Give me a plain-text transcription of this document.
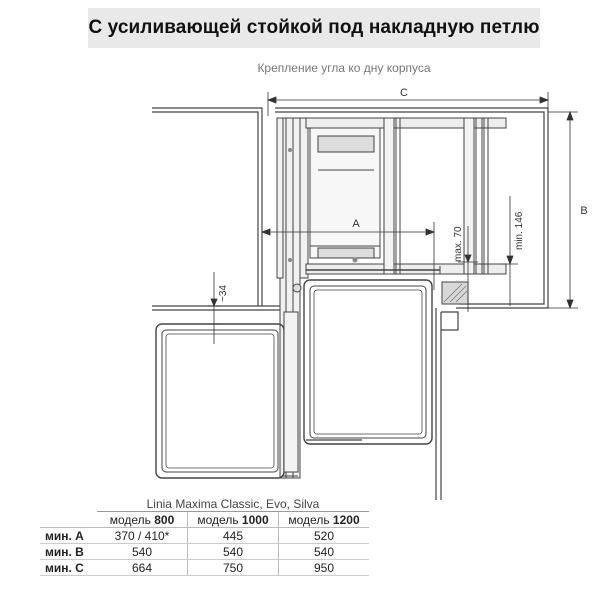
С усиливающей стойкой под накладную петлю
Крепление угла ко дну корпуса
C
B
A
max. 70	min. 146
~34
	Linia Maxima Classic, Evo, Silva		
	модель 800	модель 1000	модель 1200
мин. A	370 / 410*	445	520
мин. B	540	540	540
мин. C	664	750	950
